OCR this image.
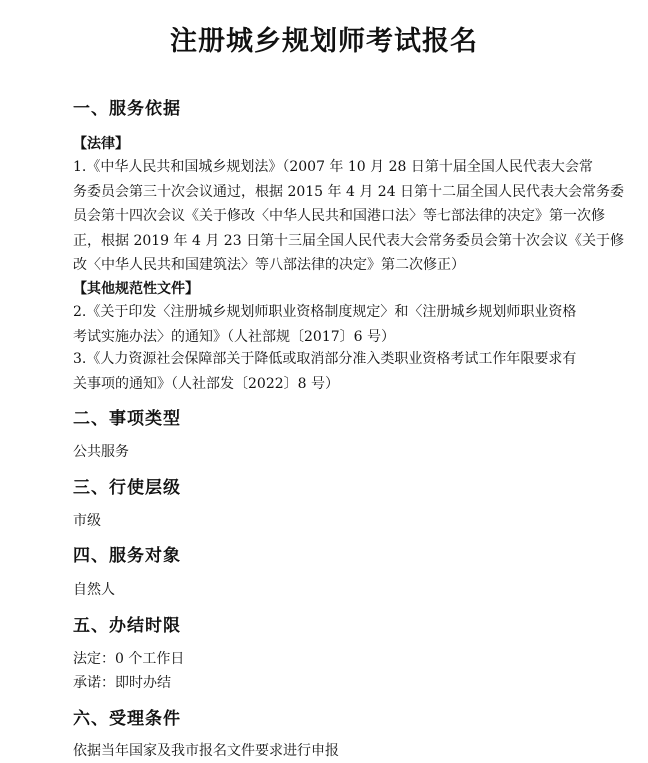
注册城乡规划师考试报名
一、服务依据
【法律】
1.《中华人民共和国城乡规划法》（2007 年 10 月 28 日第十届全国人民代表大会常
务委员会第三十次会议通过，根据 2015 年 4 月 24 日第十二届全国人民代表大会常务委
员会第十四次会议《关于修改〈中华人民共和国港口法〉等七部法律的决定》第一次修
正，根据 2019 年 4 月 23 日第十三届全国人民代表大会常务委员会第十次会议《关于修
改〈中华人民共和国建筑法〉等八部法律的决定》第二次修正）
【其他规范性文件】
2.《关于印发〈注册城乡规划师职业资格制度规定〉和〈注册城乡规划师职业资格
考试实施办法〉的通知》（人社部规〔2017〕6 号）
3.《人力资源社会保障部关于降低或取消部分准入类职业资格考试工作年限要求有
关事项的通知》（人社部发〔2022〕8 号）
二、事项类型
公共服务
三、行使层级
市级
四、服务对象
自然人
五、办结时限
法定：0 个工作日
承诺：即时办结
六、受理条件
依据当年国家及我市报名文件要求进行申报
